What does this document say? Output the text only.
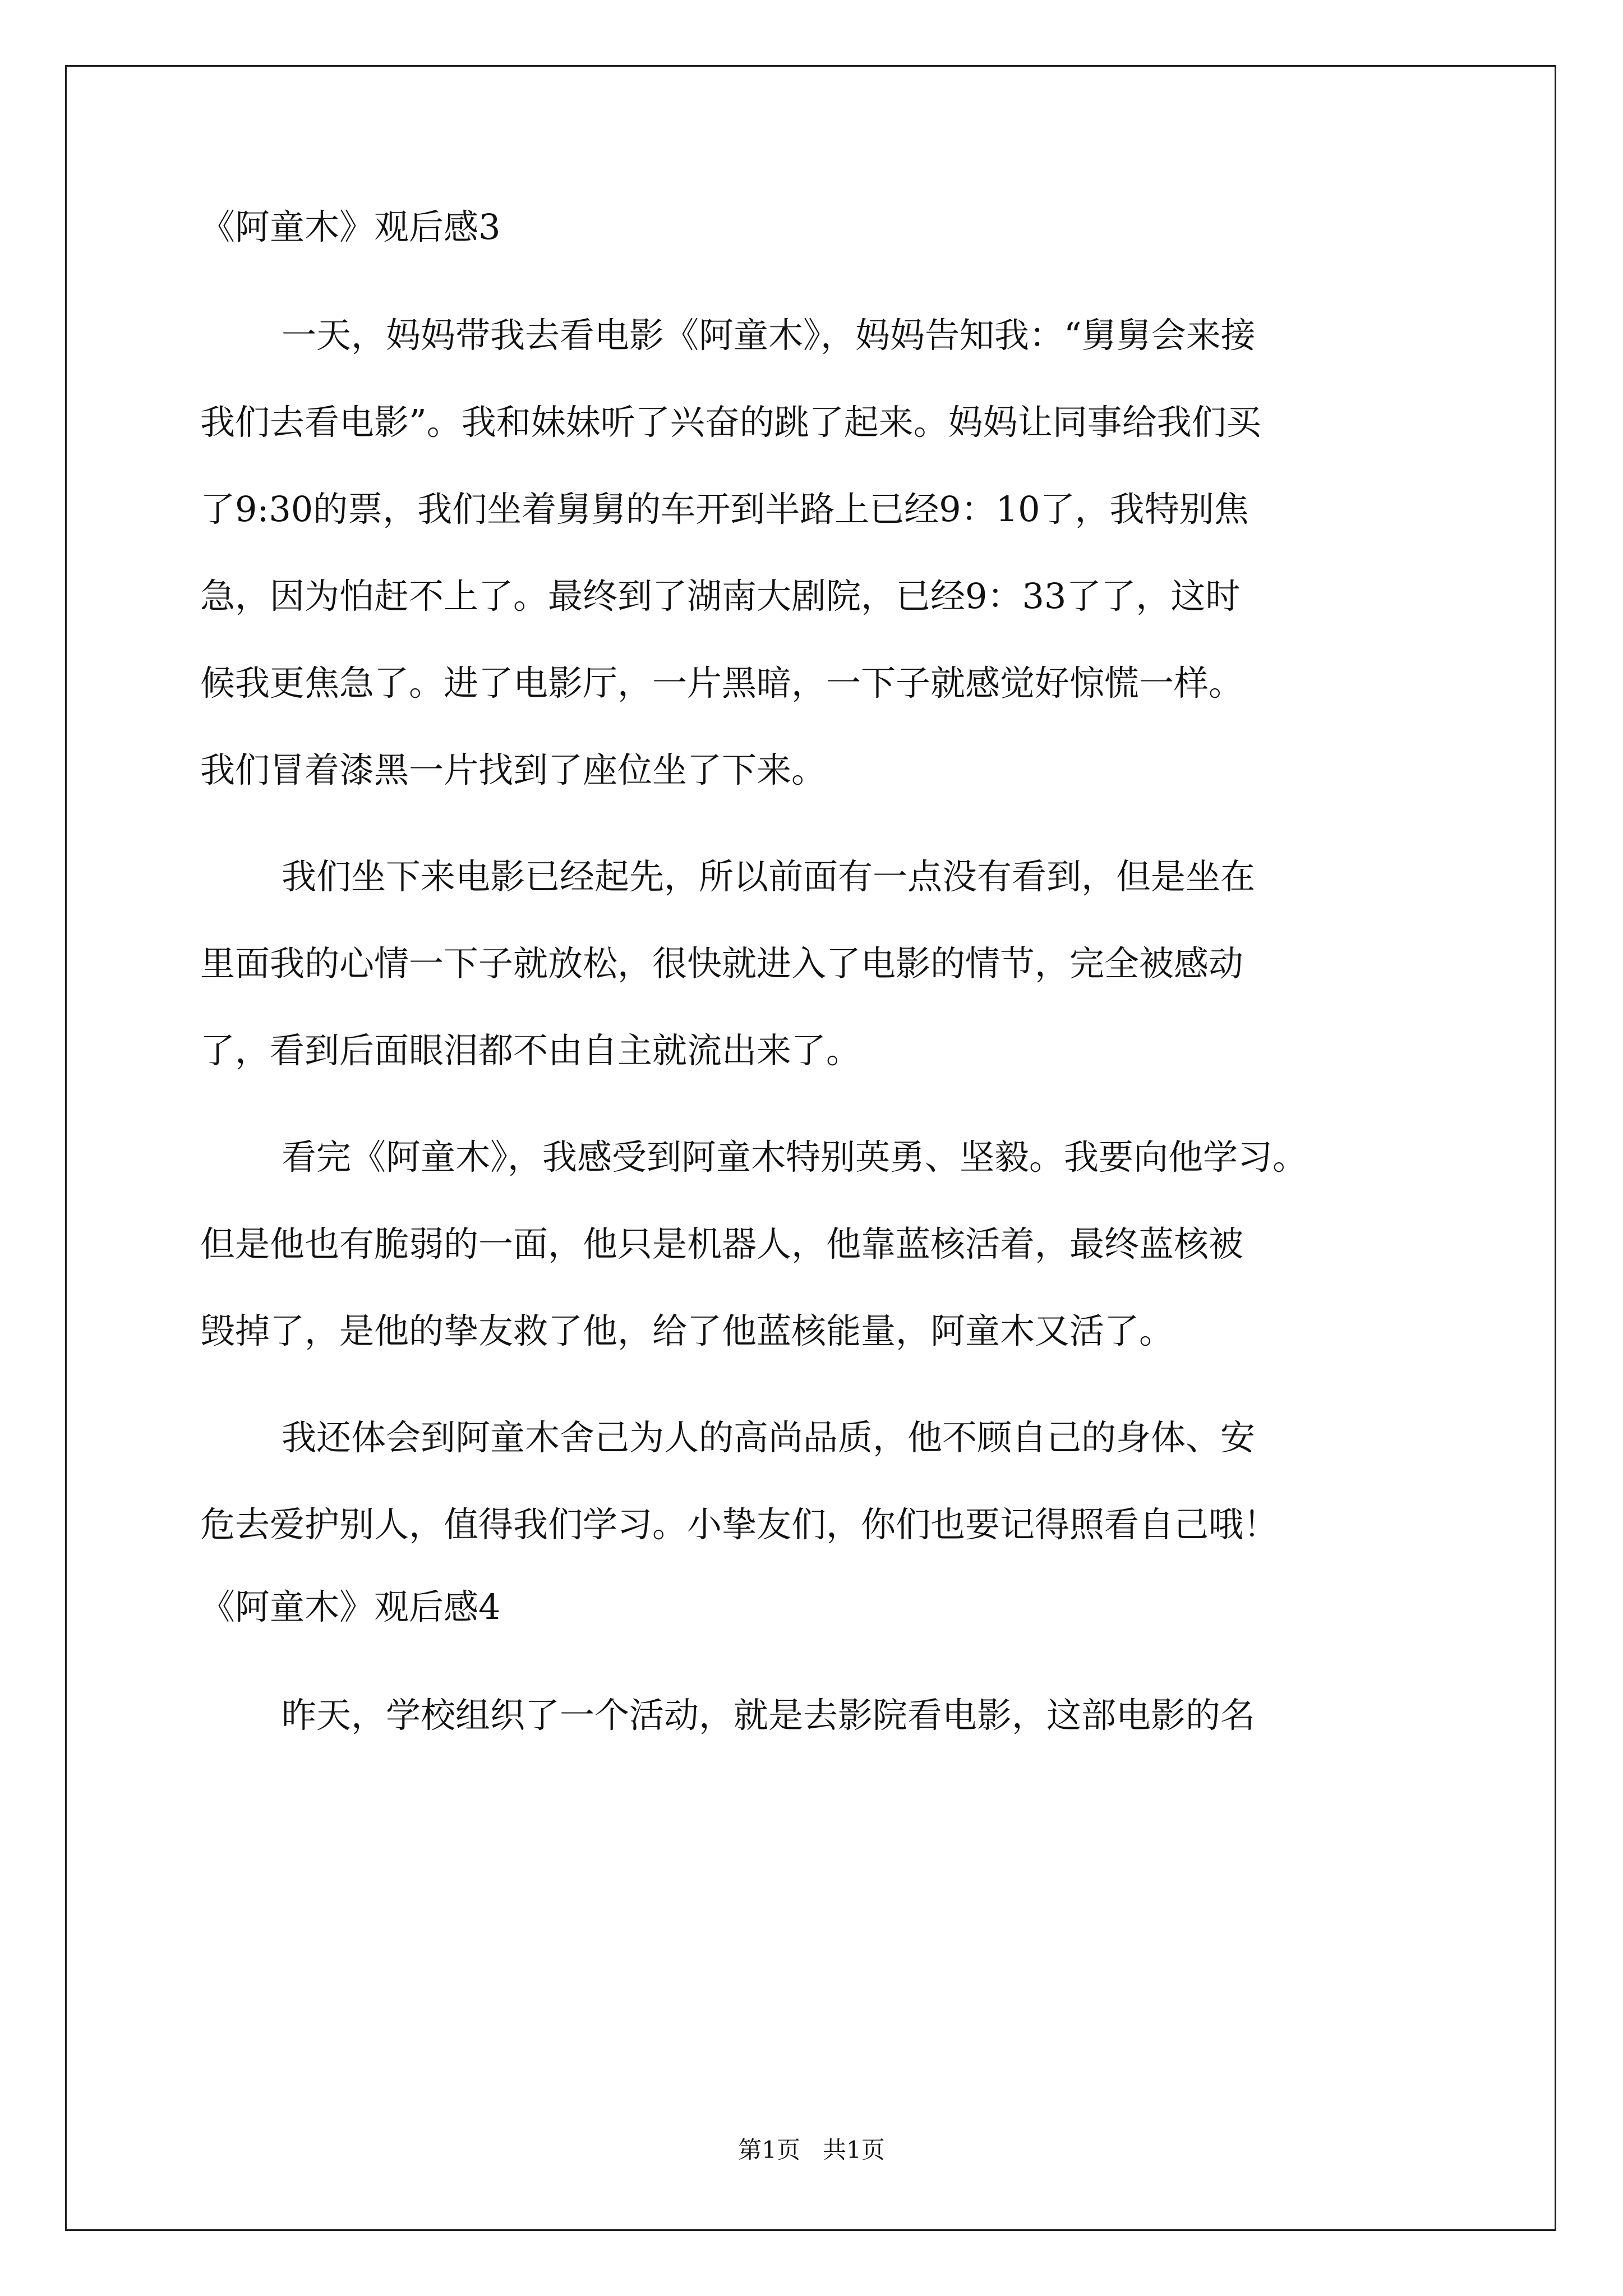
《阿童木》观后感3
一天，妈妈带我去看电影《阿童木》，妈妈告知我：“舅舅会来接
我们去看电影”。我和妹妹听了兴奋的跳了起来。妈妈让同事给我们买
了9:30的票，我们坐着舅舅的车开到半路上已经9：10了，我特别焦
急，因为怕赶不上了。最终到了湖南大剧院，已经9：33了了，这时
候我更焦急了。进了电影厅，一片黑暗，一下子就感觉好惊慌一样。
我们冒着漆黑一片找到了座位坐了下来。
我们坐下来电影已经起先，所以前面有一点没有看到，但是坐在
里面我的心情一下子就放松，很快就进入了电影的情节，完全被感动
了，看到后面眼泪都不由自主就流出来了。
看完《阿童木》，我感受到阿童木特别英勇、坚毅。我要向他学习。
但是他也有脆弱的一面，他只是机器人，他靠蓝核活着，最终蓝核被
毁掉了，是他的挚友救了他，给了他蓝核能量，阿童木又活了。
我还体会到阿童木舍己为人的高尚品质，他不顾自己的身体、安
危去爱护别人，值得我们学习。小挚友们，你们也要记得照看自己哦！
《阿童木》观后感4
昨天，学校组织了一个活动，就是去影院看电影，这部电影的名
第1页   共1页
